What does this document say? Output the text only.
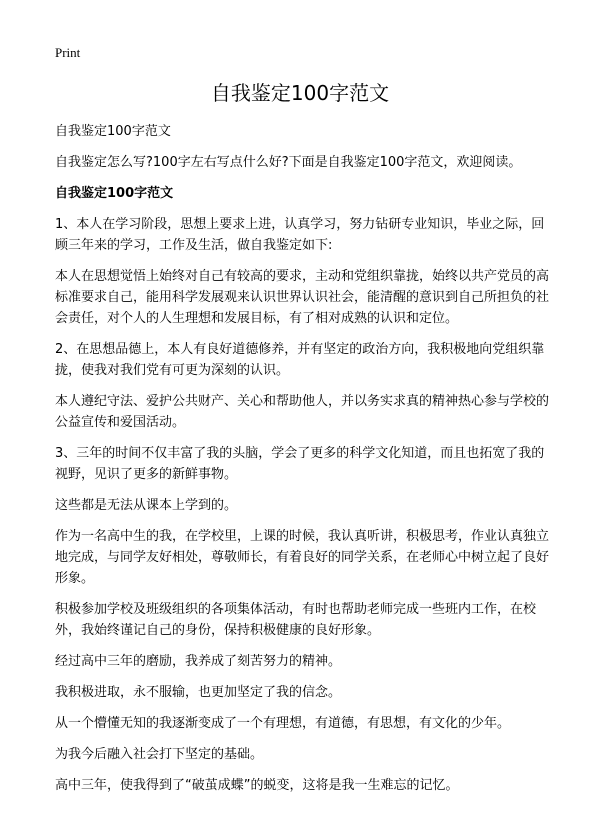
Print
自我鉴定100字范文

自我鉴定100字范文

自我鉴定怎么写?100字左右写点什么好?下面是自我鉴定100字范文，欢迎阅读。

自我鉴定100字范文

1、本人在学习阶段，思想上要求上进，认真学习，努力钻研专业知识，毕业之际，回顾三年来的学习，工作及生活，做自我鉴定如下:

本人在思想觉悟上始终对自己有较高的要求，主动和党组织靠拢，始终以共产党员的高标准要求自己，能用科学发展观来认识世界认识社会，能清醒的意识到自己所担负的社会责任，对个人的人生理想和发展目标，有了相对成熟的认识和定位。

2、在思想品德上，本人有良好道德修养，并有坚定的政治方向，我积极地向党组织靠拢，使我对我们党有可更为深刻的认识。

本人遵纪守法、爱护公共财产、关心和帮助他人，并以务实求真的精神热心参与学校的公益宣传和爱国活动。

3、三年的时间不仅丰富了我的头脑，学会了更多的科学文化知道，而且也拓宽了我的视野，见识了更多的新鲜事物。

这些都是无法从课本上学到的。

作为一名高中生的我，在学校里，上课的时候，我认真听讲，积极思考，作业认真独立地完成，与同学友好相处，尊敬师长，有着良好的同学关系，在老师心中树立起了良好形象。

积极参加学校及班级组织的各项集体活动，有时也帮助老师完成一些班内工作，在校外，我始终谨记自己的身份，保持积极健康的良好形象。

经过高中三年的磨励，我养成了刻苦努力的精神。

我积极进取，永不服输，也更加坚定了我的信念。

从一个懵懂无知的我逐渐变成了一个有理想，有道德，有思想，有文化的少年。

为我今后融入社会打下坚定的基础。

高中三年，使我得到了“破茧成蝶”的蜕变，这将是我一生难忘的记忆。
